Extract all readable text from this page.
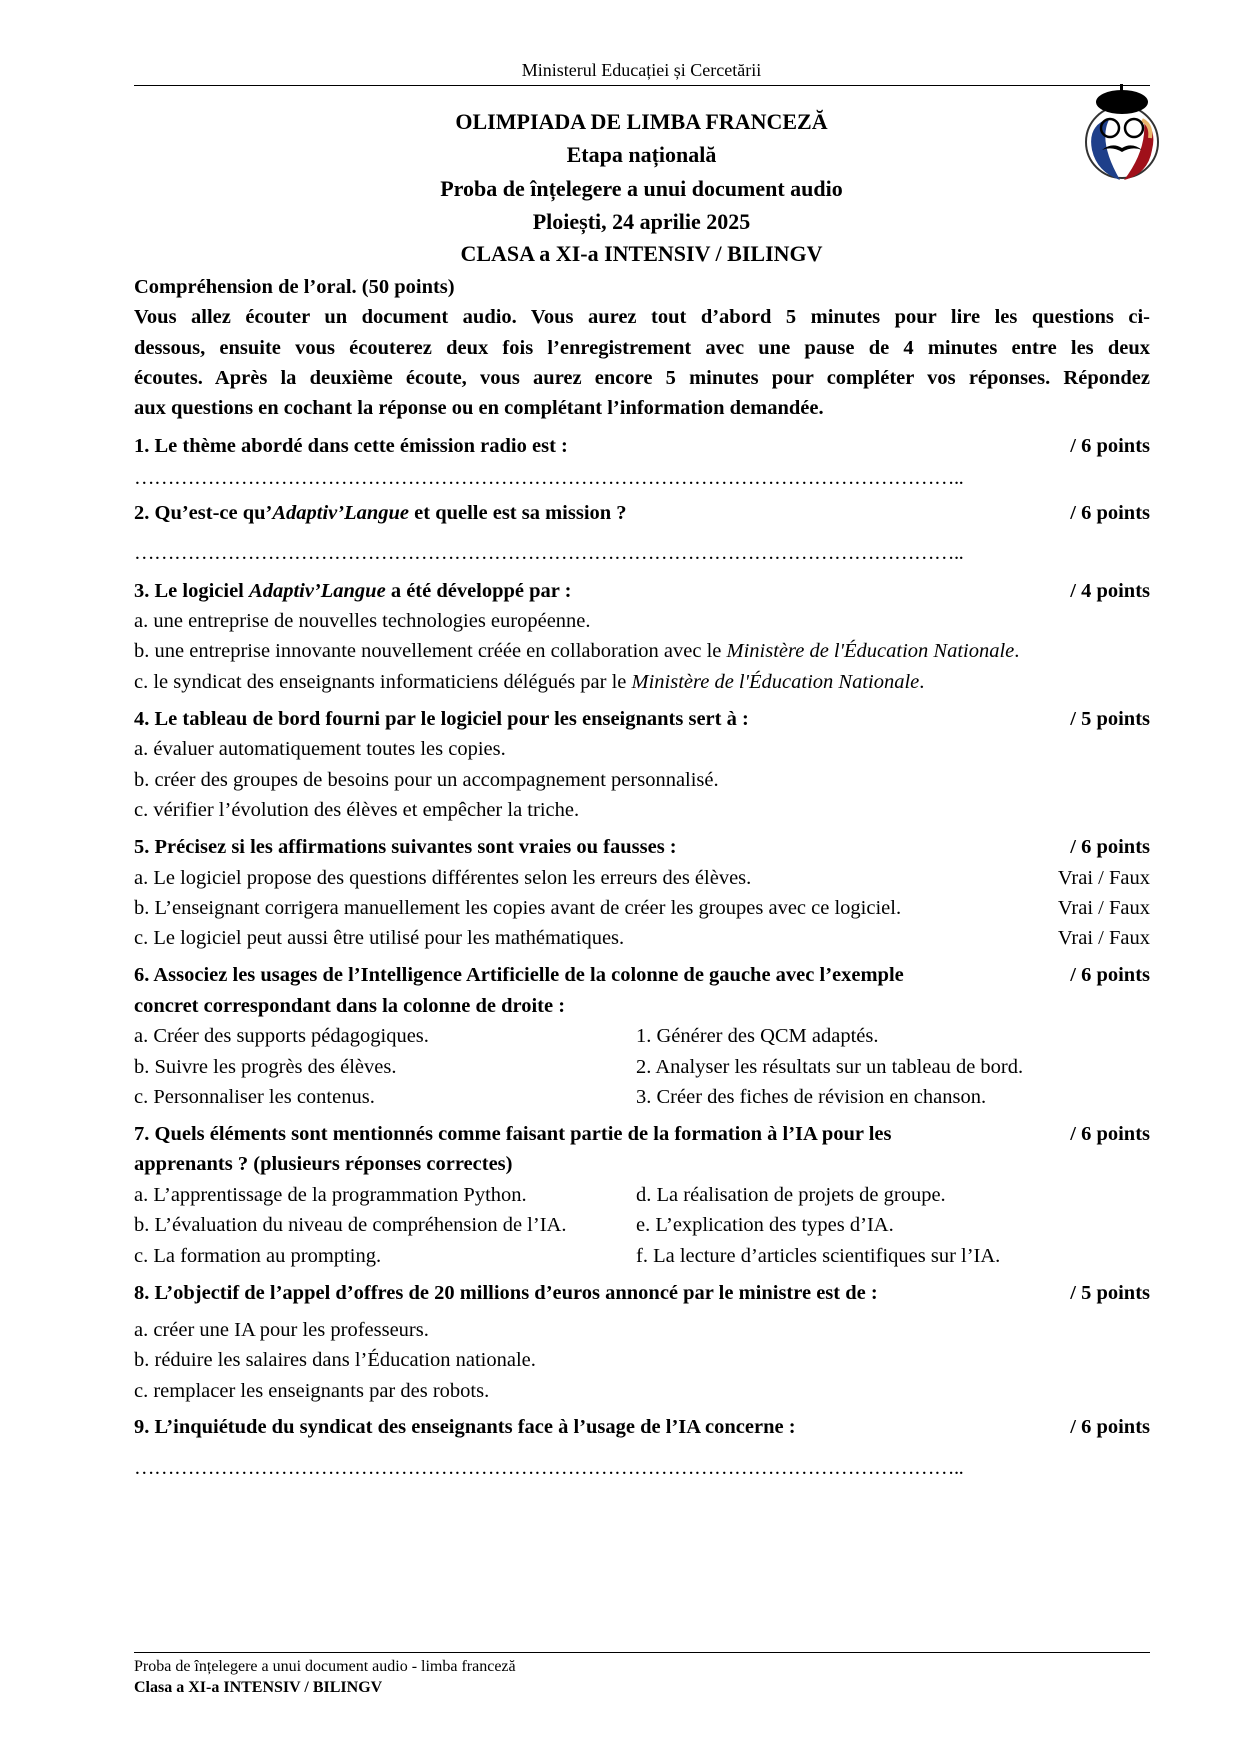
Ministerul Educației și Cercetării
OLIMPIADA DE LIMBA FRANCEZĂ
Etapa națională
Proba de înțelegere a unui document audio
Ploiești, 24 aprilie 2025
CLASA a XI-a INTENSIV / BILINGV
Compréhension de l’oral. (50 points)
Vous allez écouter un document audio. Vous aurez tout d’abord 5 minutes pour lire les questions ci-
dessous, ensuite vous écouterez deux fois l’enregistrement avec une pause de 4 minutes entre les deux
écoutes. Après la deuxième écoute, vous aurez encore 5 minutes pour compléter vos réponses. Répondez
aux questions en cochant la réponse ou en complétant l’information demandée.
1. Le thème abordé dans cette émission radio est :	/ 6 points
……………………………………………………………………………………………………………..
2. Qu’est-ce qu’Adaptiv’Langue et quelle est sa mission ?	/ 6 points
……………………………………………………………………………………………………………..
3. Le logiciel Adaptiv’Langue a été développé par :	/ 4 points
a. une entreprise de nouvelles technologies européenne.
b. une entreprise innovante nouvellement créée en collaboration avec le Ministère de l'Éducation Nationale.
c. le syndicat des enseignants informaticiens délégués par le Ministère de l'Éducation Nationale.
4. Le tableau de bord fourni par le logiciel pour les enseignants sert à :	/ 5 points
a. évaluer automatiquement toutes les copies.
b. créer des groupes de besoins pour un accompagnement personnalisé.
c. vérifier l’évolution des élèves et empêcher la triche.
5. Précisez si les affirmations suivantes sont vraies ou fausses :	/ 6 points
a. Le logiciel propose des questions différentes selon les erreurs des élèves.	Vrai / Faux
b. L’enseignant corrigera manuellement les copies avant de créer les groupes avec ce logiciel.	Vrai / Faux
c. Le logiciel peut aussi être utilisé pour les mathématiques.	Vrai / Faux
6. Associez les usages de l’Intelligence Artificielle de la colonne de gauche avec l’exemple	/ 6 points
concret correspondant dans la colonne de droite :
a. Créer des supports pédagogiques.	1. Générer des QCM adaptés.
b. Suivre les progrès des élèves.	2. Analyser les résultats sur un tableau de bord.
c. Personnaliser les contenus.	3. Créer des fiches de révision en chanson.
7. Quels éléments sont mentionnés comme faisant partie de la formation à l’IA pour les	/ 6 points
apprenants ? (plusieurs réponses correctes)
a. L’apprentissage de la programmation Python.	d. La réalisation de projets de groupe.
b. L’évaluation du niveau de compréhension de l’IA.	e. L’explication des types d’IA.
c. La formation au prompting.	f. La lecture d’articles scientifiques sur l’IA.
8. L’objectif de l’appel d’offres de 20 millions d’euros annoncé par le ministre est de :	/ 5 points
a. créer une IA pour les professeurs.
b. réduire les salaires dans l’Éducation nationale.
c. remplacer les enseignants par des robots.
9. L’inquiétude du syndicat des enseignants face à l’usage de l’IA concerne :	/ 6 points
……………………………………………………………………………………………………………..
Proba de înțelegere a unui document audio - limba franceză
Clasa a XI-a INTENSIV / BILINGV
